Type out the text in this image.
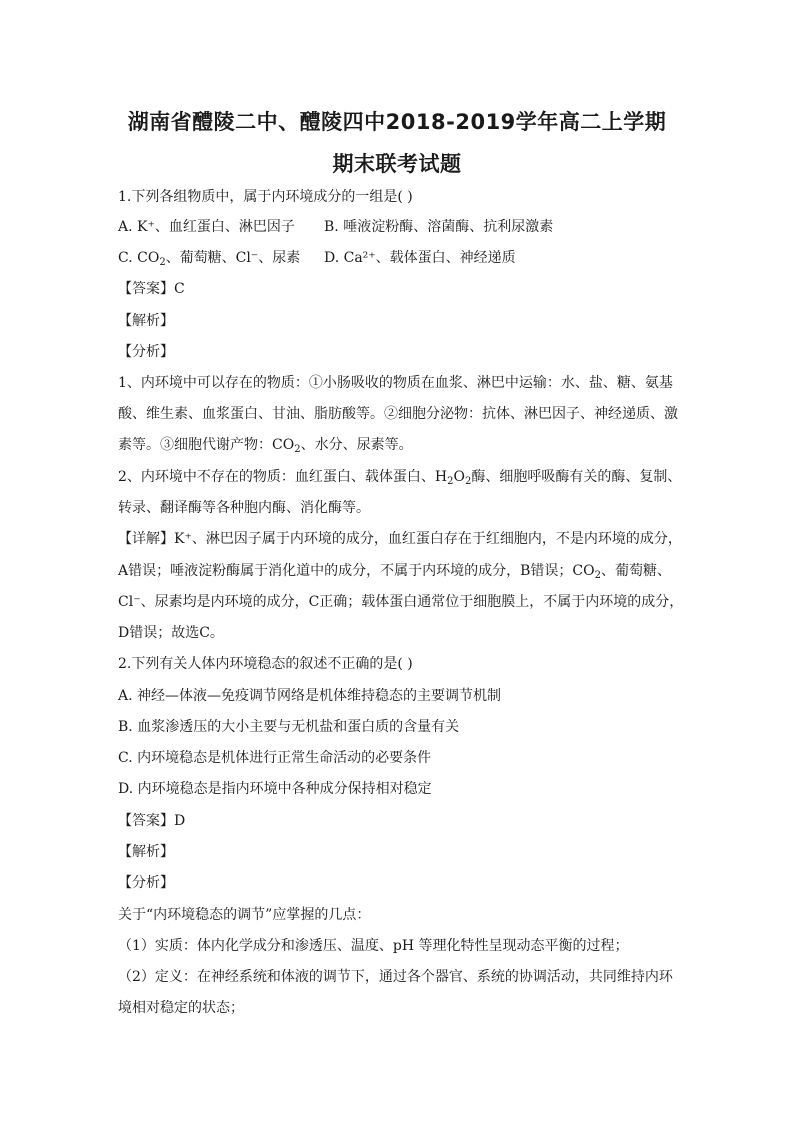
湖南省醴陵二中、醴陵四中2018-2019学年高二上学期
期末联考试题
1.下列各组物质中，属于内环境成分的一组是( )
A. K⁺、血红蛋白、淋巴因子 B. 唾液淀粉酶、溶菌酶、抗利尿激素
C. $CO_2$、葡萄糖、Cl⁻、尿素 D. Ca²⁺、载体蛋白、神经递质
【答案】C
【解析】
【分析】
1、内环境中可以存在的物质：①小肠吸收的物质在血浆、淋巴中运输：水、盐、糖、氨基
酸、维生素、血浆蛋白、甘油、脂肪酸等。②细胞分泌物：抗体、淋巴因子、神经递质、激
素等。③细胞代谢产物：$CO_2$、水分、尿素等。
2、内环境中不存在的物质：血红蛋白、载体蛋白、$H_2O_2$酶、细胞呼吸酶有关的酶、复制、
转录、翻译酶等各种胞内酶、消化酶等。
【详解】K⁺、淋巴因子属于内环境的成分，血红蛋白存在于红细胞内，不是内环境的成分，
A错误；唾液淀粉酶属于消化道中的成分，不属于内环境的成分，B错误；$CO_2$、葡萄糖、
Cl⁻、尿素均是内环境的成分，C正确；载体蛋白通常位于细胞膜上，不属于内环境的成分，
D错误；故选C。
2.下列有关人体内环境稳态的叙述不正确的是( )
A. 神经—体液—免疫调节网络是机体维持稳态的主要调节机制
B. 血浆渗透压的大小主要与无机盐和蛋白质的含量有关
C. 内环境稳态是机体进行正常生命活动的必要条件
D. 内环境稳态是指内环境中各种成分保持相对稳定
【答案】D
【解析】
【分析】
关于“内环境稳态的调节”应掌握的几点：
（1）实质：体内化学成分和渗透压、温度、pH 等理化特性呈现动态平衡的过程；
（2）定义：在神经系统和体液的调节下，通过各个器官、系统的协调活动，共同维持内环
境相对稳定的状态；
